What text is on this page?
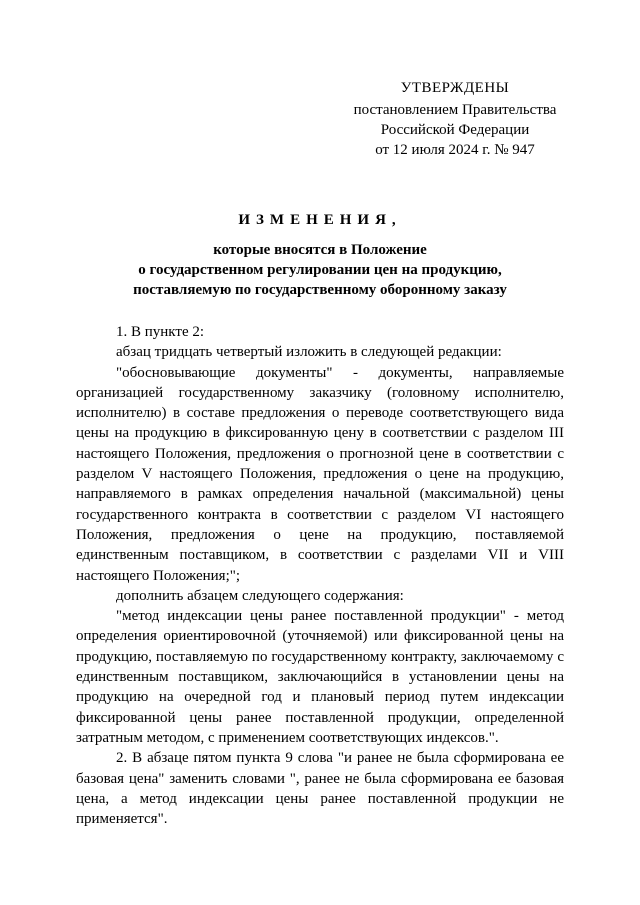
УТВЕРЖДЕНЫ
постановлением Правительства
Российской Федерации
от 12 июля 2024 г. № 947
ИЗМЕНЕНИЯ,
которые вносятся в Положение
о государственном регулировании цен на продукцию,
поставляемую по государственному оборонному заказу

1. В пункте 2:

абзац тридцать четвертый изложить в следующей редакции:

"обосновывающие документы" - документы, направляемые организацией государственному заказчику (головному исполнителю, исполнителю) в составе предложения о переводе соответствующего вида цены на продукцию в фиксированную цену в соответствии с разделом III настоящего Положения, предложения о прогнозной цене в соответствии с разделом V настоящего Положения, предложения о цене на продукцию, направляемого в рамках определения начальной (максимальной) цены государственного контракта в соответствии с разделом VI настоящего Положения, предложения о цене на продукцию, поставляемой единственным поставщиком, в соответствии с разделами VII и VIII настоящего Положения;";

дополнить абзацем следующего содержания:

"метод индексации цены ранее поставленной продукции" - метод определения ориентировочной (уточняемой) или фиксированной цены на продукцию, поставляемую по государственному контракту, заключаемому с единственным поставщиком, заключающийся в установлении цены на продукцию на очередной год и плановый период путем индексации фиксированной цены ранее поставленной продукции, определенной затратным методом, с применением соответствующих индексов.".

2. В абзаце пятом пункта 9 слова "и ранее не была сформирована ее базовая цена" заменить словами ", ранее не была сформирована ее базовая цена, а метод индексации цены ранее поставленной продукции не применяется".
